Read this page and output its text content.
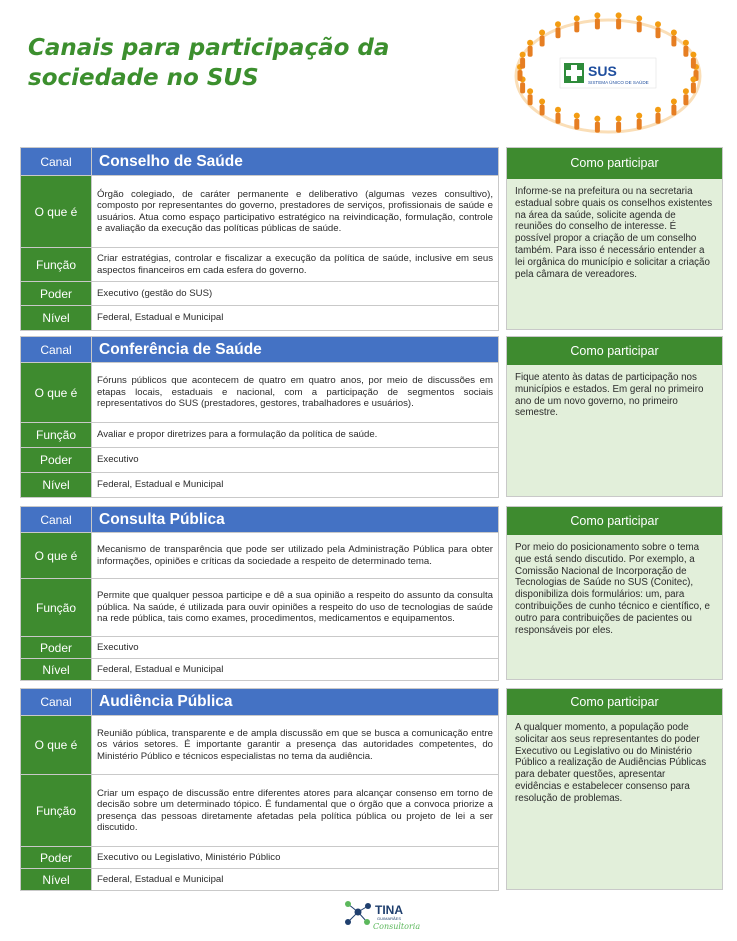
Canais para participação da
sociedade no SUS	SUS
SISTEMA ÚNICO DE SAÚDE
Canal	Conselho de Saúde
O que é	Órgão colegiado, de caráter permanente e deliberativo (algumas vezes consultivo), composto por representantes do governo, prestadores de serviços, profissionais de saúde e usuários. Atua como espaço participativo estratégico na reivindicação, formulação, controle e avaliação da execução das políticas públicas de saúde.
Função	Criar estratégias, controlar e fiscalizar a execução da política de saúde, inclusive em seus aspectos financeiros em cada esfera do governo.
Poder	Executivo (gestão do SUS)
Nível	Federal, Estadual e Municipal
Como participar
Informe-se na prefeitura ou na secretaria estadual sobre quais os conselhos existentes na área da saúde, solicite agenda de reuniões do conselho de interesse. É possível propor a criação de um conselho também. Para isso é necessário entender a lei orgânica do município e solicitar a criação pela câmara de vereadores.
Canal	Conferência de Saúde
O que é	Fóruns públicos que acontecem de quatro em quatro anos, por meio de discussões em etapas locais, estaduais e nacional, com a participação de segmentos sociais representativos do SUS (prestadores, gestores, trabalhadores e usuários).
Função	Avaliar e propor diretrizes para a formulação da política de saúde.
Poder	Executivo
Nível	Federal, Estadual e Municipal
Como participar
Fique atento às datas de participação nos municípios e estados. Em geral no primeiro ano de um novo governo, no primeiro semestre.
Canal	Consulta Pública
O que é	Mecanismo de transparência que pode ser utilizado pela Administração Pública para obter informações, opiniões e críticas da sociedade a respeito de determinado tema.
Função	Permite que qualquer pessoa participe e dê a sua opinião a respeito do assunto da consulta pública. Na saúde, é utilizada para ouvir opiniões a respeito do uso de tecnologias de saúde na rede pública, tais como exames, procedimentos, medicamentos e equipamentos.
Poder	Executivo
Nível	Federal, Estadual e Municipal
Como participar
Por meio do posicionamento sobre o tema que está sendo discutido. Por exemplo, a Comissão Nacional de Incorporação de Tecnologias de Saúde no SUS (Conitec), disponibiliza dois formulários: um, para contribuições de cunho técnico e científico, e outro para contribuições de pacientes ou responsáveis por eles.
Canal	Audiência Pública
O que é	Reunião pública, transparente e de ampla discussão em que se busca a comunicação entre os vários setores. É importante garantir a presença das autoridades competentes, do Ministério Público e técnicos especialistas no tema da audiência.
Função	Criar um espaço de discussão entre diferentes atores para alcançar consenso em torno de decisão sobre um determinado tópico. É fundamental que o órgão que a convoca priorize a presença das pessoas diretamente afetadas pela política pública ou projeto de lei a ser discutido.
Poder	Executivo ou Legislativo, Ministério Público
Nível	Federal, Estadual e Municipal
Como participar
A qualquer momento, a população pode solicitar aos seus representantes do poder Executivo ou Legislativo ou do Ministério Público a realização de Audiências Públicas para debater questões, apresentar evidências e estabelecer consenso para resolução de problemas.
TINA
GUIMARÃES
Consultoria
